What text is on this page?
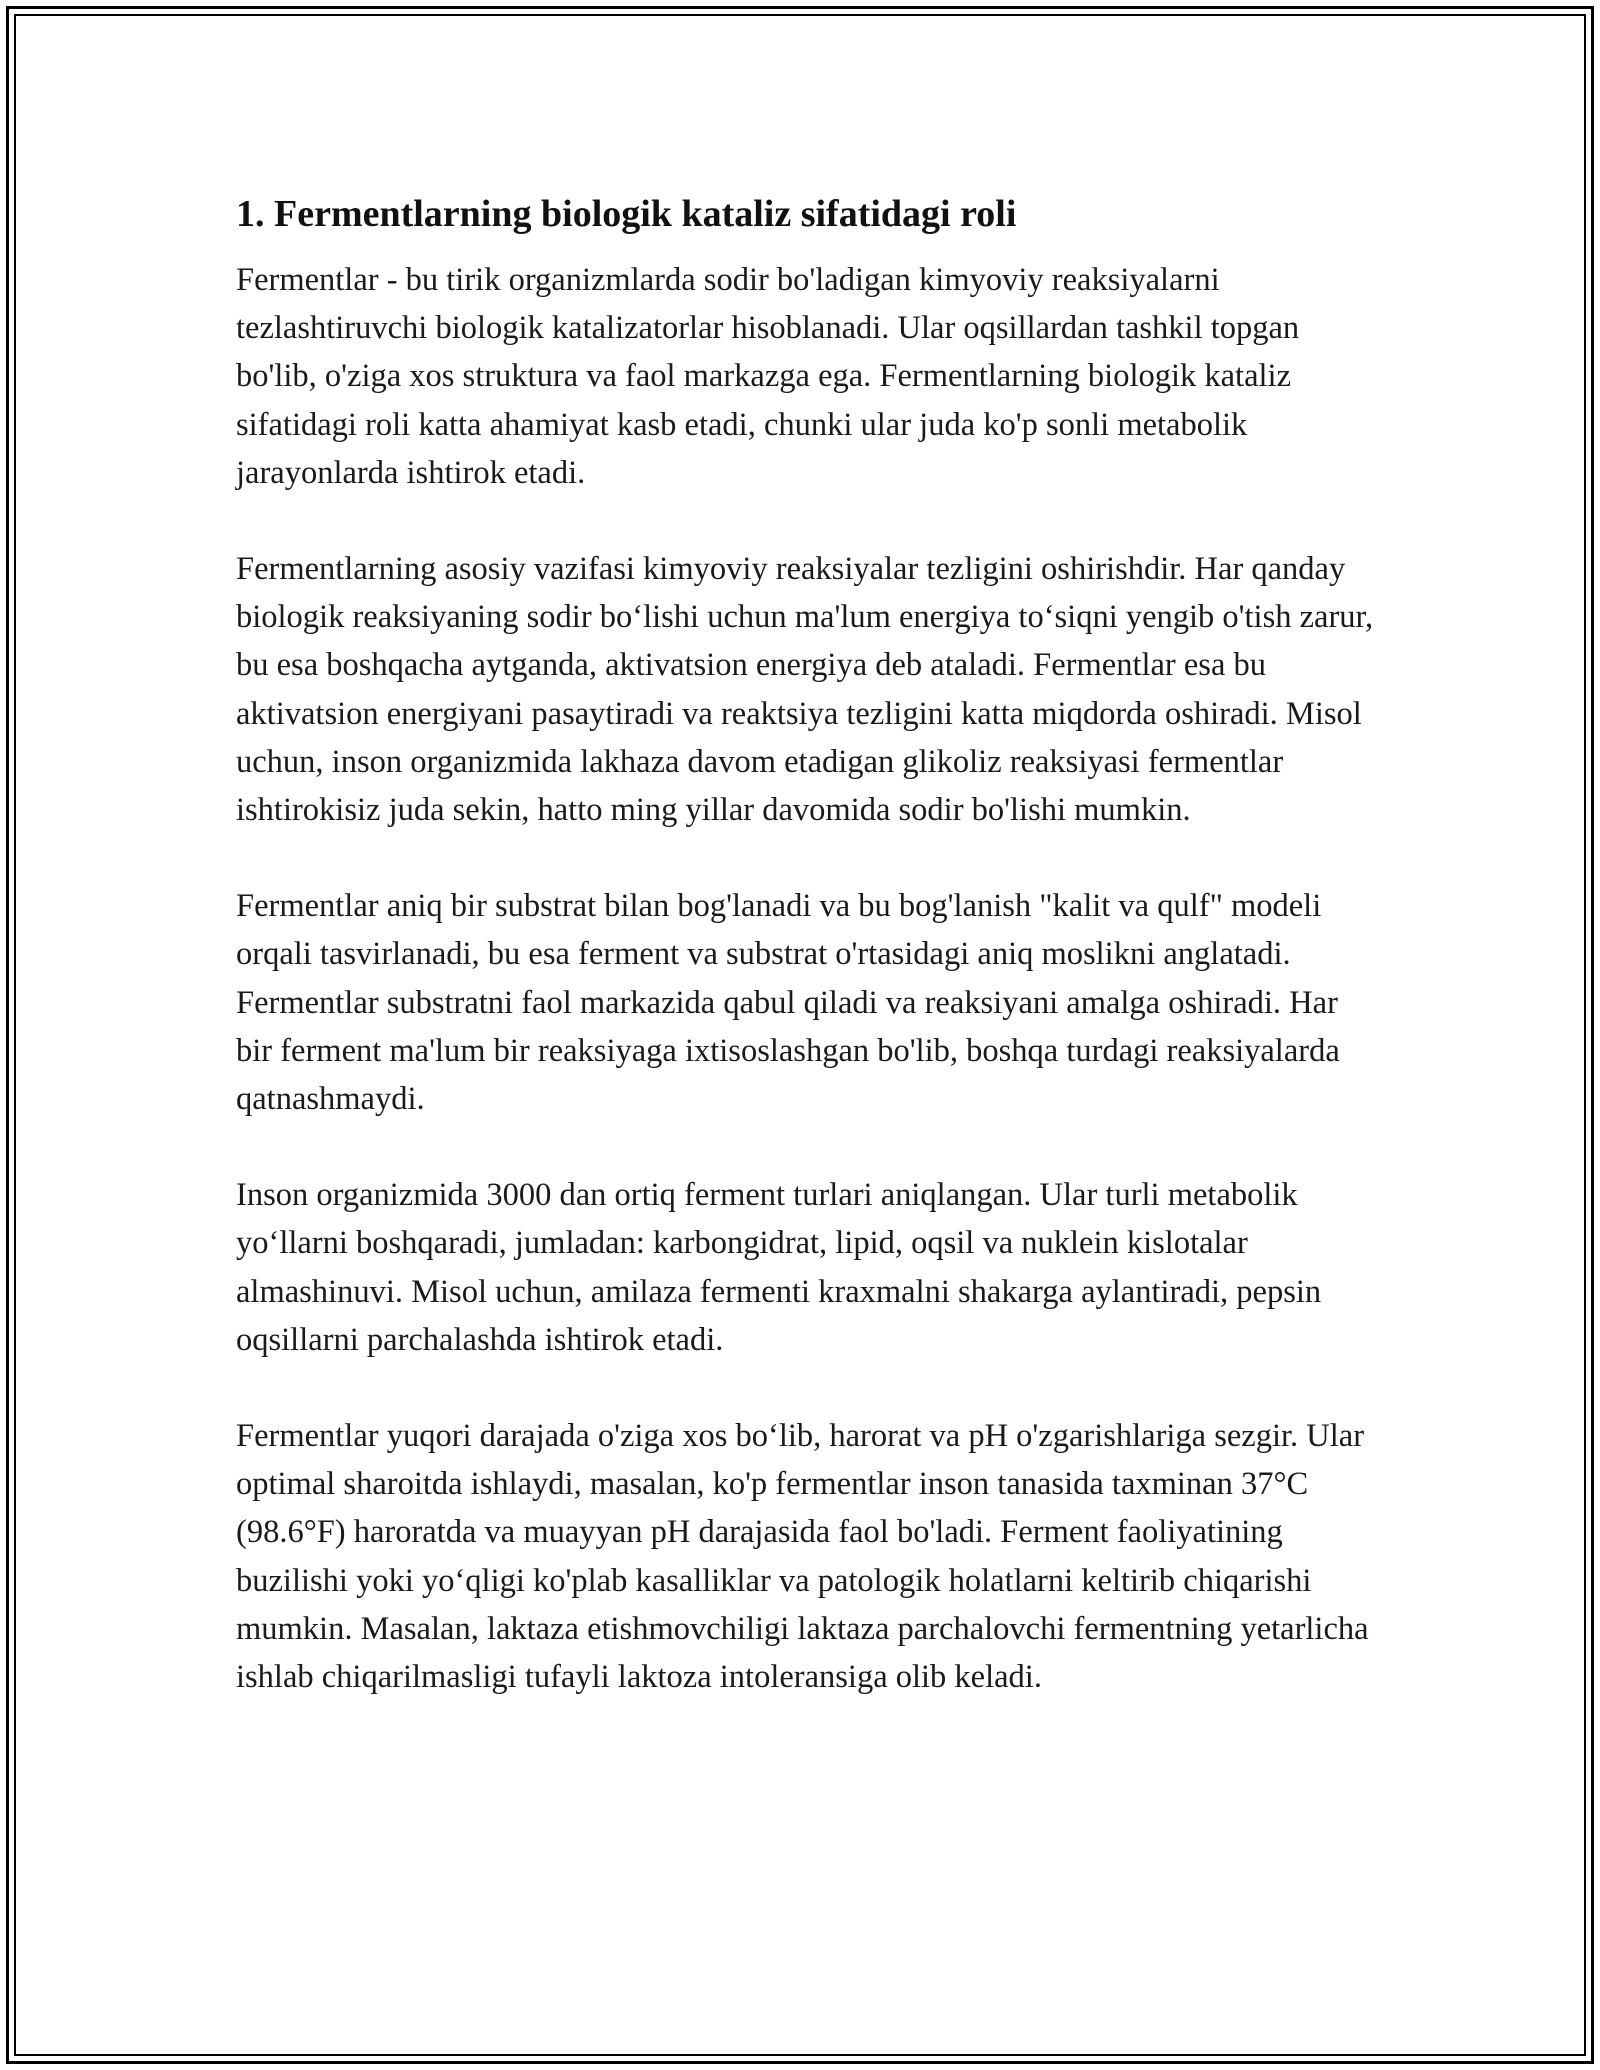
1. Fermentlarning biologik kataliz sifatidagi roli

Fermentlar - bu tirik organizmlarda sodir bo'ladigan kimyoviy reaksiyalarni tezlashtiruvchi biologik katalizatorlar hisoblanadi. Ular oqsillardan tashkil topgan bo'lib, o'ziga xos struktura va faol markazga ega. Fermentlarning biologik kataliz sifatidagi roli katta ahamiyat kasb etadi, chunki ular juda ko'p sonli metabolik jarayonlarda ishtirok etadi.

Fermentlarning asosiy vazifasi kimyoviy reaksiyalar tezligini oshirishdir. Har qanday biologik reaksiyaning sodir bo‘lishi uchun ma'lum energiya to‘siqni yengib o'tish zarur, bu esa boshqacha aytganda, aktivatsion energiya deb ataladi. Fermentlar esa bu aktivatsion energiyani pasaytiradi va reaktsiya tezligini katta miqdorda oshiradi. Misol uchun, inson organizmida lakhaza davom etadigan glikoliz reaksiyasi fermentlar ishtirokisiz juda sekin, hatto ming yillar davomida sodir bo'lishi mumkin.

Fermentlar aniq bir substrat bilan bog'lanadi va bu bog'lanish "kalit va qulf" modeli orqali tasvirlanadi, bu esa ferment va substrat o'rtasidagi aniq moslikni anglatadi. Fermentlar substratni faol markazida qabul qiladi va reaksiyani amalga oshiradi. Har bir ferment ma'lum bir reaksiyaga ixtisoslashgan bo'lib, boshqa turdagi reaksiyalarda qatnashmaydi.

Inson organizmida 3000 dan ortiq ferment turlari aniqlangan. Ular turli metabolik yo‘llarni boshqaradi, jumladan: karbongidrat, lipid, oqsil va nuklein kislotalar almashinuvi. Misol uchun, amilaza fermenti kraxmalni shakarga aylantiradi, pepsin oqsillarni parchalashda ishtirok etadi.

Fermentlar yuqori darajada o'ziga xos bo‘lib, harorat va pH o'zgarishlariga sezgir. Ular optimal sharoitda ishlaydi, masalan, ko'p fermentlar inson tanasida taxminan 37°C (98.6°F) haroratda va muayyan pH darajasida faol bo'ladi. Ferment faoliyatining buzilishi yoki yo‘qligi ko'plab kasalliklar va patologik holatlarni keltirib chiqarishi mumkin. Masalan, laktaza etishmovchiligi laktaza parchalovchi fermentning yetarlicha ishlab chiqarilmasligi tufayli laktoza intoleransiga olib keladi.
